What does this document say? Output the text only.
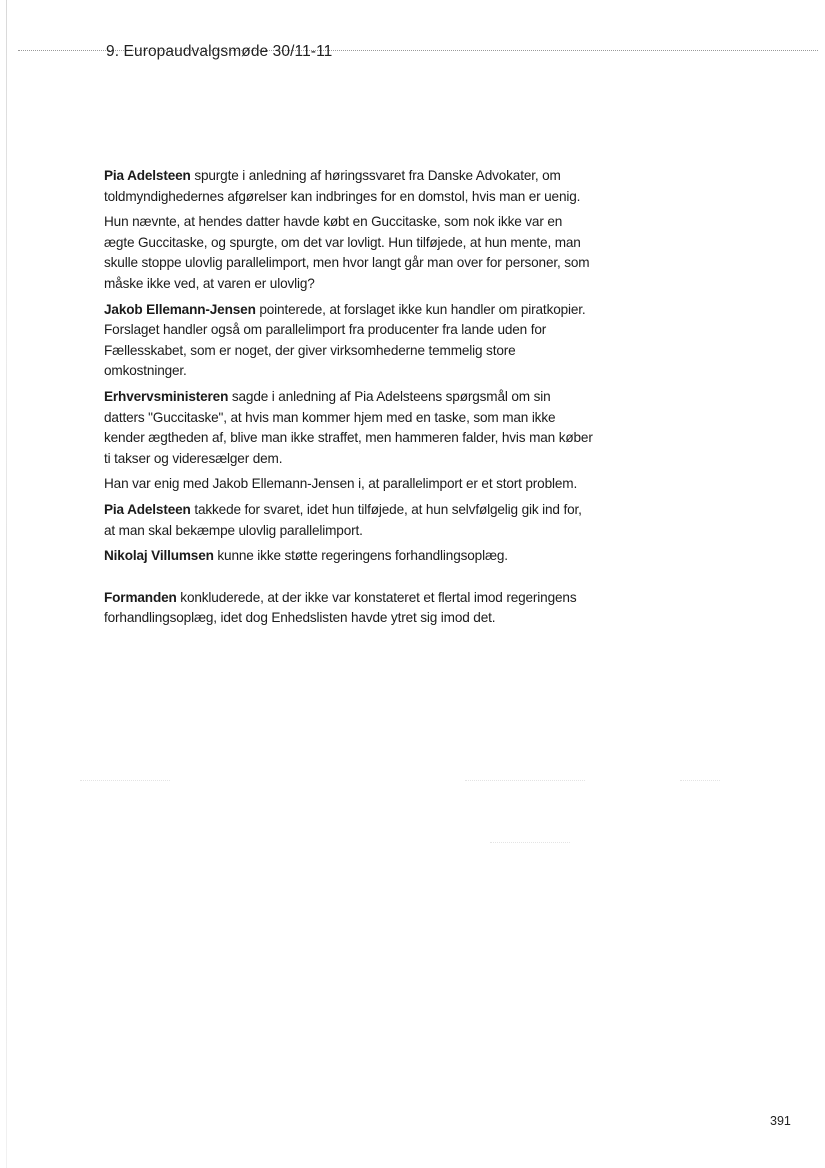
9. Europaudvalgsmøde 30/11-11

Pia Adelsteen spurgte i anledning af høringssvaret fra Danske Advokater, om toldmyndighedernes afgørelser kan indbringes for en domstol, hvis man er uenig.

Hun nævnte, at hendes datter havde købt en Guccitaske, som nok ikke var en ægte Guccitaske, og spurgte, om det var lovligt. Hun tilføjede, at hun mente, man skulle stoppe ulovlig parallelimport, men hvor langt går man over for personer, som måske ikke ved, at varen er ulovlig?

Jakob Ellemann-Jensen pointerede, at forslaget ikke kun handler om piratkopier. Forslaget handler også om parallelimport fra producenter fra lande uden for Fællesskabet, som er noget, der giver virksomhederne temmelig store omkostninger.

Erhvervsministeren sagde i anledning af Pia Adelsteens spørgsmål om sin datters "Guccitaske", at hvis man kommer hjem med en taske, som man ikke kender ægtheden af, blive man ikke straffet, men hammeren falder, hvis man køber ti takser og videresælger dem.

Han var enig med Jakob Ellemann-Jensen i, at parallelimport er et stort problem.

Pia Adelsteen takkede for svaret, idet hun tilføjede, at hun selvfølgelig gik ind for, at man skal bekæmpe ulovlig parallelimport.

Nikolaj Villumsen kunne ikke støtte regeringens forhandlingsoplæg.

Formanden konkluderede, at der ikke var konstateret et flertal imod regeringens forhandlingsoplæg, idet dog Enhedslisten havde ytret sig imod det.

391
